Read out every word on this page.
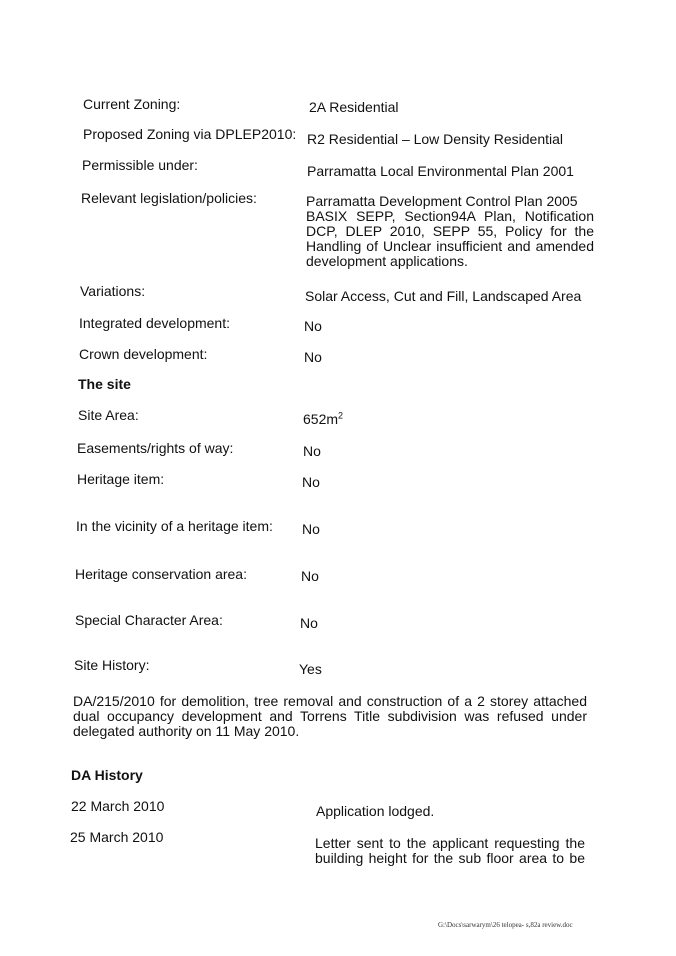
Current Zoning:	2A Residential
Proposed Zoning via DPLEP2010: R2 Residential – Low Density Residential
Permissible under:	Parramatta Local Environmental Plan 2001
Relevant legislation/policies:	Parramatta Development Control Plan 2005
BASIX SEPP, Section94A Plan, Notification
DCP, DLEP 2010, SEPP 55, Policy for the
Handling of Unclear insufficient and amended
development applications.
Variations:	Solar Access, Cut and Fill, Landscaped Area
Integrated development:	No
Crown development:	No
The site
Site Area:	$652m^2$
Easements/rights of way:	No
Heritage item:	No
In the vicinity of a heritage item: No
Heritage conservation area:	No
Special Character Area:	No
Site History:	Yes
DA/215/2010 for demolition, tree removal and construction of a 2 storey attached
dual occupancy development and Torrens Title subdivision was refused under
delegated authority on 11 May 2010.
DA History
22 March 2010	Application lodged.
25 March 2010	Letter sent to the applicant requesting the
building height for the sub floor area to be
G:\Docs\sarwarym\26 telopea- s,82a review.doc
